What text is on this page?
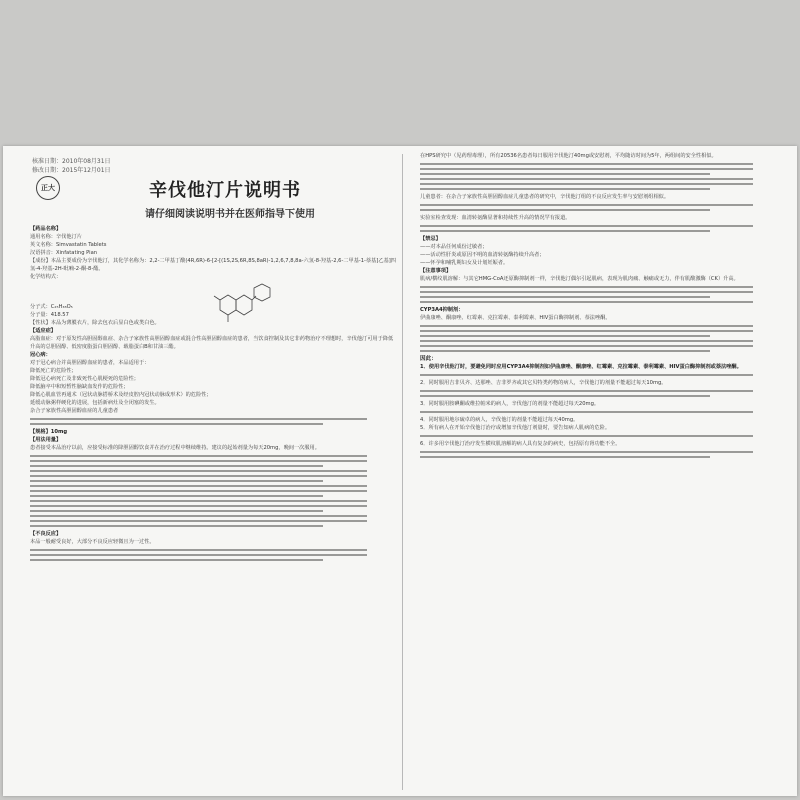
核准日期：2010年08月31日
修改日期：2015年12月01日
正大	辛伐他汀片说明书
请仔细阅读说明书并在医师指导下使用
【药品名称】
通用名称：辛伐他汀片
英文名称：Simvastatin Tablets
汉语拼音：Xinfatating Pian
【成份】本品主要成份为辛伐他汀，其化学名称为：2,2-二甲基丁酸(4R,6R)-6-[2-[(1S,2S,6R,8S,8aR)-1,2,6,7,8,8a-六氢-8-羟基-2,6-二甲基-1-萘基]乙基]四氢-4-羟基-2H-吡喃-2-酮-8-酯。
化学结构式：
分子式：C₂₅H₃₈O₅
分子量：418.57
【性状】本品为薄膜衣片，除去包衣后显白色或类白色。
【适应症】
高脂血症：对于原发性高胆固醇血症、杂合子家族性高胆固醇血症或混合性高胆固醇血症的患者，当饮食控制及其它非药物治疗不理想时，辛伐他汀可用于降低升高的总胆固醇、低密度脂蛋白胆固醇、载脂蛋白B和甘油三酯。
冠心病：
对于冠心病合并高胆固醇血症的患者，本品适用于：
降低死亡的危险性；
降低冠心病死亡及非致死性心肌梗死的危险性；
降低脑卒中和短暂性脑缺血发作的危险性；
降低心肌血管再通术（冠状动脉搭桥术及经皮腔内冠状动脉成形术）的危险性；
延缓动脉粥样硬化的进展，包括新病灶及全闭塞的发生。
杂合子家族性高胆固醇血症的儿童患者
【规格】10mg
【用法用量】
患者接受本品治疗以前，应接受标准的降胆固醇饮食并在治疗过程中继续维持。建议的起始剂量为每天20mg，晚间一次服用。
【不良反应】
本品一般耐受良好，大部分不良反应轻微且为一过性。
在HPS研究中（见药理毒理），所有20536名患者每日服用辛伐他汀40mg或安慰剂，平均随访时间为5年，两组间的安全性相似。
儿童患者：在杂合子家族性高胆固醇血症儿童患者的研究中，辛伐他汀组的不良反应发生率与安慰剂组相似。
实验室检查发现：血清转氨酶显著和持续性升高的情况罕有报道。
【禁忌】
——对本品任何成份过敏者；
——活动性肝炎或原因不明的血清转氨酶持续升高者；
——怀孕和哺乳期妇女及计划妊娠者。
【注意事项】
肌病/横纹肌溶解：与其它HMG-CoA还原酶抑制剂一样，辛伐他汀偶尔引起肌病，表现为肌肉痛、触痛或无力，伴有肌酸激酶（CK）升高。
CYP3A4抑制剂：
伊曲康唑、酮康唑、红霉素、克拉霉素、泰利霉素、HIV蛋白酶抑制剂、萘法唑酮。
因此：
1．使用辛伐他汀时，要避免同时应用CYP3A4抑制剂如伊曲康唑、酮康唑、红霉素、克拉霉素、泰利霉素、HIV蛋白酶抑制剂或萘法唑酮。
2．同时服用吉非贝齐、达那唑、吉非罗齐或其它贝特类药物的病人，辛伐他汀的剂量不能超过每天10mg。
3．同时服用胺碘酮或维拉帕米的病人，辛伐他汀的剂量不能超过每天20mg。
4．同时服用地尔硫卓的病人，辛伐他汀的剂量不能超过每天40mg。
5．所有病人在开始辛伐他汀治疗或增加辛伐他汀剂量时，要告知病人肌病的危险。
6．许多用辛伐他汀治疗发生横纹肌溶解的病人具有复杂的病史，包括原有肾功能不全。
